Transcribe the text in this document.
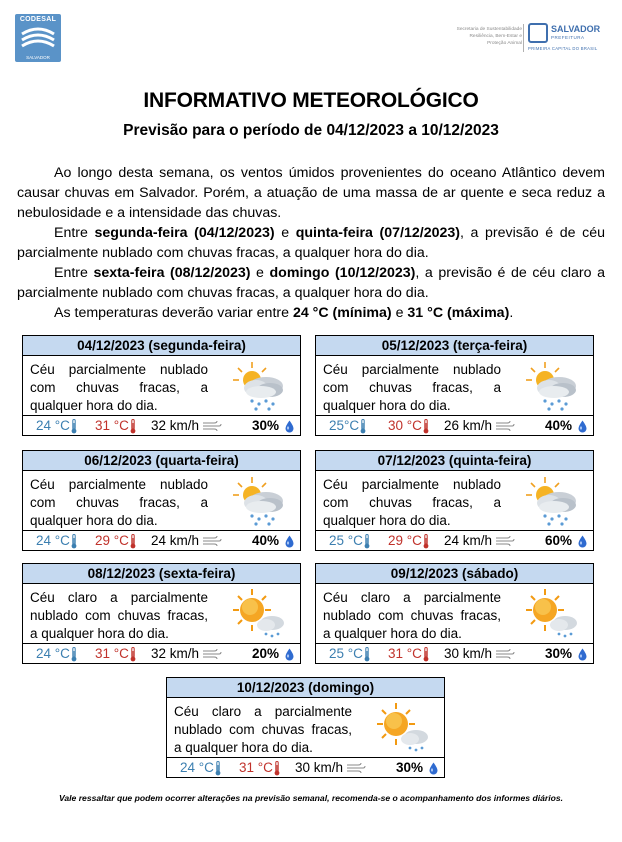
CODESAL
SALVADOR
Secretaria de Sustentabilidade
Resiliência, Bem-Estar e
Proteção Animal
SALVADOR
PREFEITURA
PRIMEIRA CAPITAL DO BRASIL
INFORMATIVO METEOROLÓGICO
Previsão para o período de 04/12/2023 a 10/12/2023

Ao longo desta semana, os ventos úmidos provenientes do oceano Atlântico devem causar chuvas em Salvador. Porém, a atuação de uma massa de ar quente e seca reduz a nebulosidade e a intensidade das chuvas.

Entre segunda-feira (04/12/2023) e quinta-feira (07/12/2023), a previsão é de céu parcialmente nublado com chuvas fracas, a qualquer hora do dia.

Entre sexta-feira (08/12/2023) e domingo (10/12/2023), a previsão é de céu claro a parcialmente nublado com chuvas fracas, a qualquer hora do dia.

As temperaturas deverão variar entre 24 °C (mínima) e 31 °C (máxima).

04/12/2023 (segunda-feira)
Céu parcialmente nublado com chuvas fracas, a qualquer hora do dia.
24 °C	31 °C	32 km/h	30%
05/12/2023 (terça-feira)
Céu parcialmente nublado com chuvas fracas, a qualquer hora do dia.
25°C	30 °C	26 km/h	40%
06/12/2023 (quarta-feira)
Céu parcialmente nublado com chuvas fracas, a qualquer hora do dia.
24 °C	29 °C	24 km/h	40%
07/12/2023 (quinta-feira)
Céu parcialmente nublado com chuvas fracas, a qualquer hora do dia.
25 °C	29 °C	24 km/h	60%
08/12/2023 (sexta-feira)
Céu claro a parcialmente nublado com chuvas fracas, a qualquer hora do dia.
24 °C	31 °C	32 km/h	20%
09/12/2023 (sábado)
Céu claro a parcialmente nublado com chuvas fracas, a qualquer hora do dia.
25 °C	31 °C	30 km/h	30%
10/12/2023 (domingo)
Céu claro a parcialmente nublado com chuvas fracas, a qualquer hora do dia.
24 °C	31 °C	30 km/h	30%
Vale ressaltar que podem ocorrer alterações na previsão semanal, recomenda-se o acompanhamento dos informes diários.
